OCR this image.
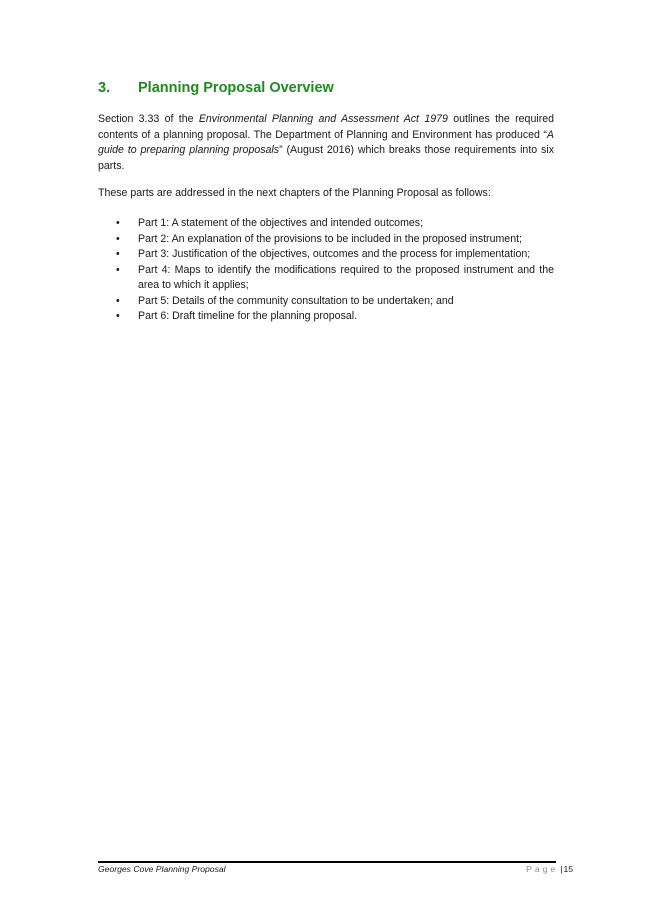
3.	Planning Proposal Overview

Section 3.33 of the Environmental Planning and Assessment Act 1979 outlines the required contents of a planning proposal. The Department of Planning and Environment has produced “A guide to preparing planning proposals” (August 2016) which breaks those requirements into six parts.

These parts are addressed in the next chapters of the Planning Proposal as follows:

• Part 1: A statement of the objectives and intended outcomes;
• Part 2: An explanation of the provisions to be included in the proposed instrument;
• Part 3: Justification of the objectives, outcomes and the process for implementation;
• Part 4: Maps to identify the modifications required to the proposed instrument and the area to which it applies;
• Part 5: Details of the community consultation to be undertaken; and
• Part 6: Draft timeline for the planning proposal.
Georges Cove Planning Proposal	Page | 15
